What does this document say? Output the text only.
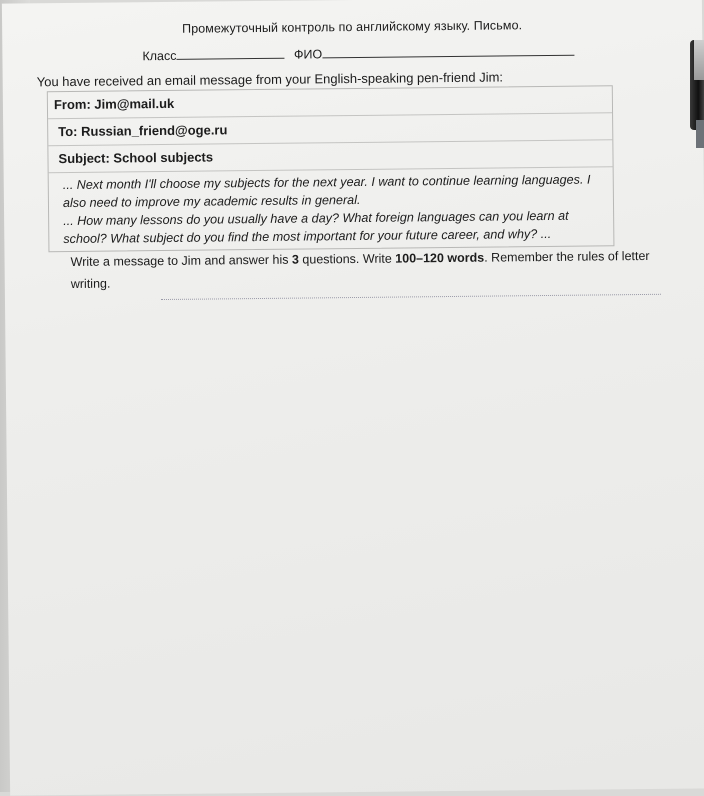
Промежуточный контроль по английскому языку. Письмо.
Класс	ФИО
You have received an email message from your English-speaking pen-friend Jim:
From: Jim@mail.uk
To: Russian_friend@oge.ru
Subject: School subjects

... Next month I'll choose my subjects for the next year. I want to continue learning languages. I

also need to improve my academic results in general.

... How many lessons do you usually have a day? What foreign languages can you learn at

school? What subject do you find the most important for your future career, and why? ...

Write a message to Jim and answer his 3 questions. Write 100–120 words. Remember the rules of letter
writing.
